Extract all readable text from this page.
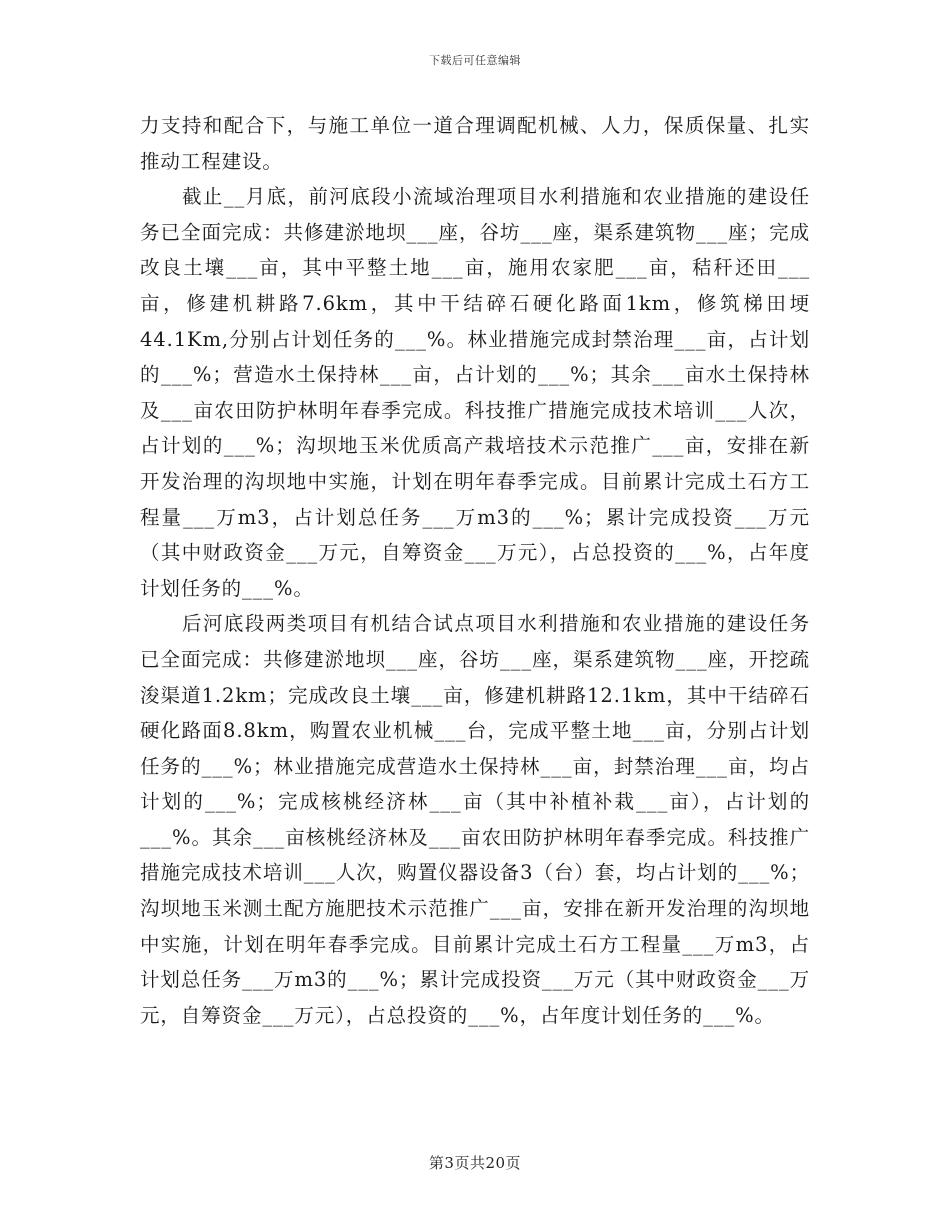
下载后可任意编辑

力支持和配合下，与施工单位一道合理调配机械、人力，保质保量、扎实推动工程建设。

截止__月底，前河底段小流域治理项目水利措施和农业措施的建设任务已全面完成：共修建淤地坝___座，谷坊___座，渠系建筑物___座；完成改良土壤___亩，其中平整土地___亩，施用农家肥___亩，秸秆还田___亩，修建机耕路7.6km，其中干结碎石硬化路面1km，修筑梯田埂44.1Km,分别占计划任务的___%。林业措施完成封禁治理___亩，占计划的___%；营造水土保持林___亩，占计划的___%；其余___亩水土保持林及___亩农田防护林明年春季完成。科技推广措施完成技术培训___人次，占计划的___%；沟坝地玉米优质高产栽培技术示范推广___亩，安排在新开发治理的沟坝地中实施，计划在明年春季完成。目前累计完成土石方工程量___万m3，占计划总任务___万m3的___%；累计完成投资___万元（其中财政资金___万元，自筹资金___万元），占总投资的___%，占年度计划任务的___%。

后河底段两类项目有机结合试点项目水利措施和农业措施的建设任务已全面完成：共修建淤地坝___座，谷坊___座，渠系建筑物___座，开挖疏浚渠道1.2km；完成改良土壤___亩，修建机耕路12.1km，其中干结碎石硬化路面8.8km，购置农业机械___台，完成平整土地___亩，分别占计划任务的___%；林业措施完成营造水土保持林___亩，封禁治理___亩，均占计划的___%；完成核桃经济林___亩（其中补植补栽___亩），占计划的___%。其余___亩核桃经济林及___亩农田防护林明年春季完成。科技推广措施完成技术培训___人次，购置仪器设备3（台）套，均占计划的___%；沟坝地玉米测土配方施肥技术示范推广___亩，安排在新开发治理的沟坝地中实施，计划在明年春季完成。目前累计完成土石方工程量___万m3，占计划总任务___万m3的___%；累计完成投资___万元（其中财政资金___万元，自筹资金___万元），占总投资的___%，占年度计划任务的___%。

第3页共20页
